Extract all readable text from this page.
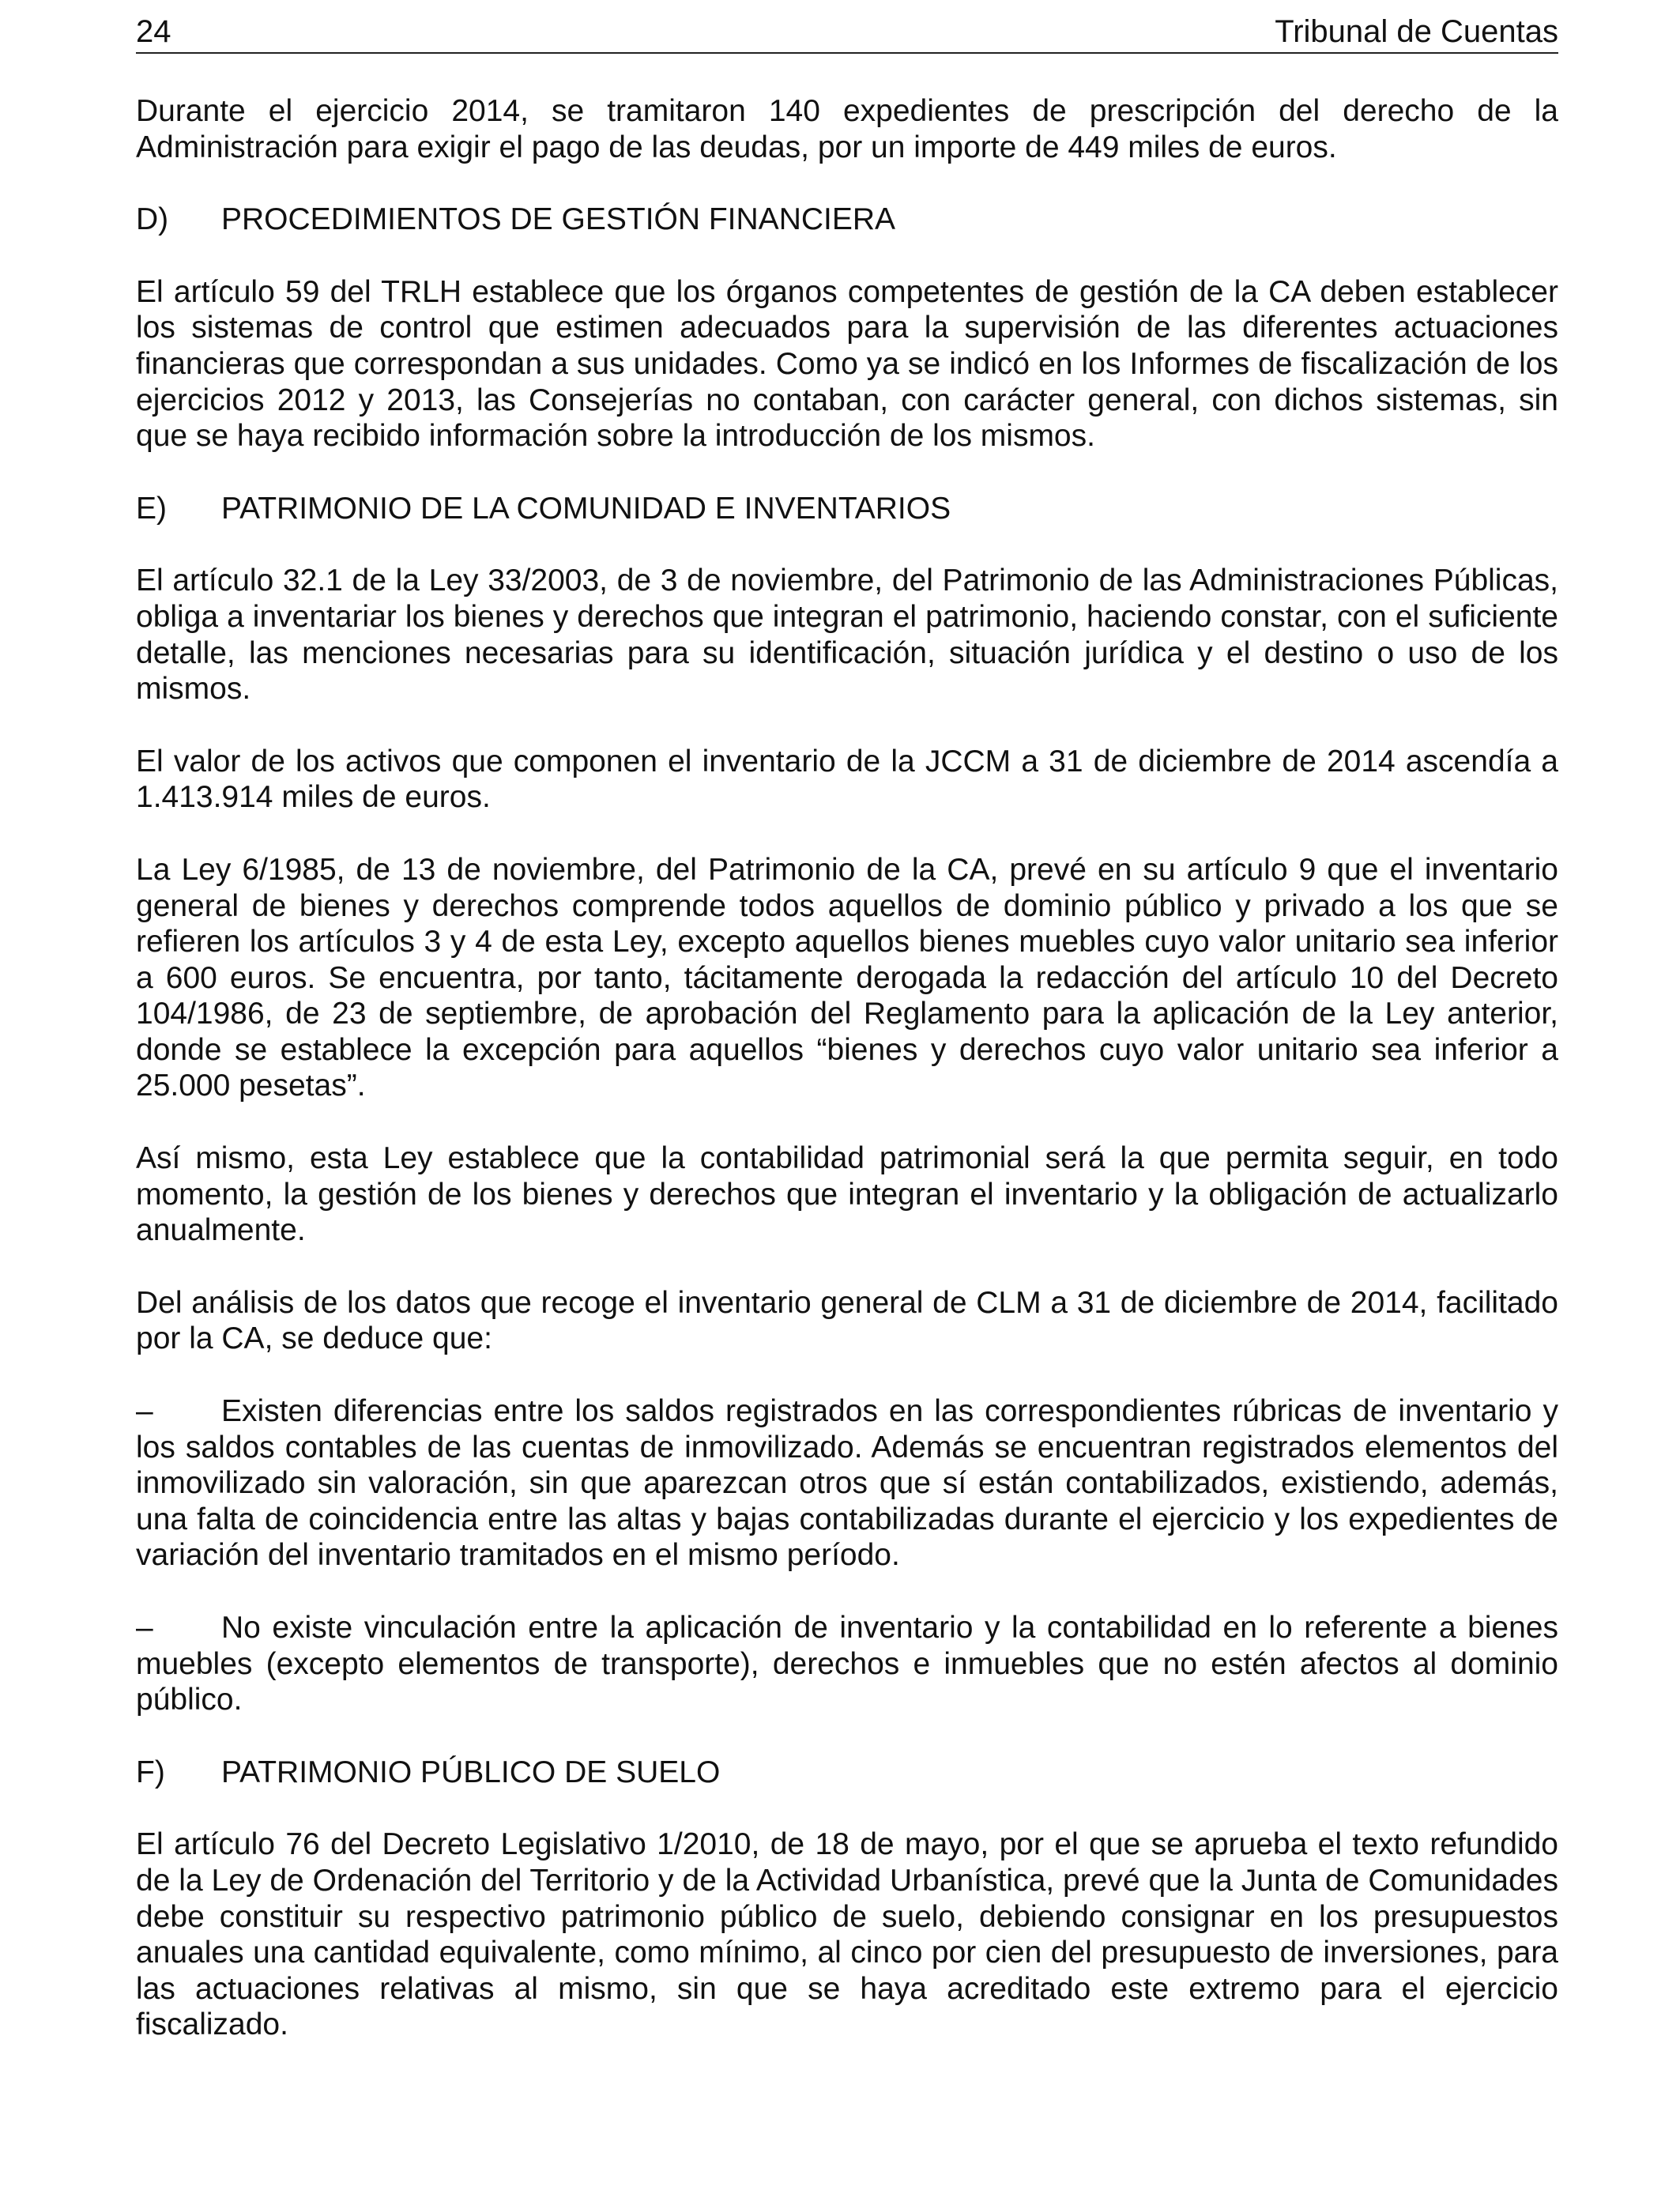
24	Tribunal de Cuentas

Durante el ejercicio 2014, se tramitaron 140 expedientes de prescripción del derecho de la Administración para exigir el pago de las deudas, por un importe de 449 miles de euros.

D)	PROCEDIMIENTOS DE GESTIÓN FINANCIERA

El artículo 59 del TRLH establece que los órganos competentes de gestión de la CA deben establecer los sistemas de control que estimen adecuados para la supervisión de las diferentes actuaciones financieras que correspondan a sus unidades. Como ya se indicó en los Informes de fiscalización de los ejercicios 2012 y 2013, las Consejerías no contaban, con carácter general, con dichos sistemas, sin que se haya recibido información sobre la introducción de los mismos.

E)	PATRIMONIO DE LA COMUNIDAD E INVENTARIOS

El artículo 32.1 de la Ley 33/2003, de 3 de noviembre, del Patrimonio de las Administraciones Públicas, obliga a inventariar los bienes y derechos que integran el patrimonio, haciendo constar, con el suficiente detalle, las menciones necesarias para su identificación, situación jurídica y el destino o uso de los mismos.

El valor de los activos que componen el inventario de la JCCM a 31 de diciembre de 2014 ascendía a 1.413.914 miles de euros.

La Ley 6/1985, de 13 de noviembre, del Patrimonio de la CA, prevé en su artículo 9 que el inventario general de bienes y derechos comprende todos aquellos de dominio público y privado a los que se refieren los artículos 3 y 4 de esta Ley, excepto aquellos bienes muebles cuyo valor unitario sea inferior a 600 euros. Se encuentra, por tanto, tácitamente derogada la redacción del artículo 10 del Decreto 104/1986, de 23 de septiembre, de aprobación del Reglamento para la aplicación de la Ley anterior, donde se establece la excepción para aquellos “bienes y derechos cuyo valor unitario sea inferior a 25.000 pesetas”.

Así mismo, esta Ley establece que la contabilidad patrimonial será la que permita seguir, en todo momento, la gestión de los bienes y derechos que integran el inventario y la obligación de actualizarlo anualmente.

Del análisis de los datos que recoge el inventario general de CLM a 31 de diciembre de 2014, facilitado por la CA, se deduce que:

– Existen diferencias entre los saldos registrados en las correspondientes rúbricas de inventario y los saldos contables de las cuentas de inmovilizado. Además se encuentran registrados elementos del inmovilizado sin valoración, sin que aparezcan otros que sí están contabilizados, existiendo, además, una falta de coincidencia entre las altas y bajas contabilizadas durante el ejercicio y los expedientes de variación del inventario tramitados en el mismo período.

– No existe vinculación entre la aplicación de inventario y la contabilidad en lo referente a bienes muebles (excepto elementos de transporte), derechos e inmuebles que no estén afectos al dominio público.

F)	PATRIMONIO PÚBLICO DE SUELO

El artículo 76 del Decreto Legislativo 1/2010, de 18 de mayo, por el que se aprueba el texto refundido de la Ley de Ordenación del Territorio y de la Actividad Urbanística, prevé que la Junta de Comunidades debe constituir su respectivo patrimonio público de suelo, debiendo consignar en los presupuestos anuales una cantidad equivalente, como mínimo, al cinco por cien del presupuesto de inversiones, para las actuaciones relativas al mismo, sin que se haya acreditado este extremo para el ejercicio fiscalizado.
